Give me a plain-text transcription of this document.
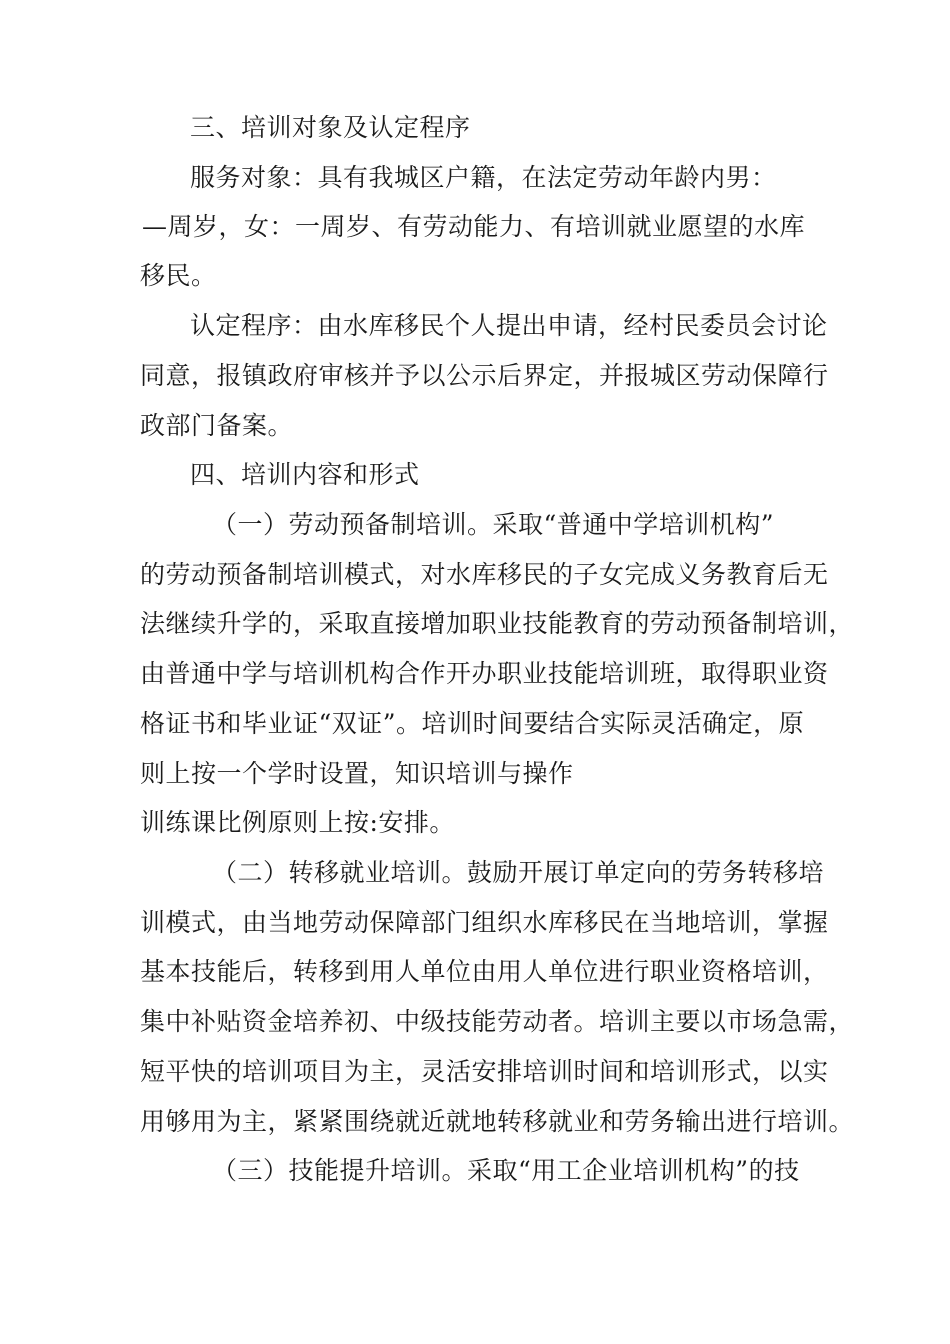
三、培训对象及认定程序
服务对象：具有我城区户籍，在法定劳动年龄内男：
—周岁，女：一周岁、有劳动能力、有培训就业愿望的水库
移民。
认定程序：由水库移民个人提出申请，经村民委员会讨论
同意，报镇政府审核并予以公示后界定，并报城区劳动保障行
政部门备案。
四、培训内容和形式
（一）劳动预备制培训。采取“普通中学培训机构”
的劳动预备制培训模式，对水库移民的子女完成义务教育后无
法继续升学的，采取直接增加职业技能教育的劳动预备制培训，
由普通中学与培训机构合作开办职业技能培训班，取得职业资
格证书和毕业证“双证”。培训时间要结合实际灵活确定，原
则上按一个学时设置，知识培训与操作
训练课比例原则上按:安排。
（二）转移就业培训。鼓励开展订单定向的劳务转移培
训模式，由当地劳动保障部门组织水库移民在当地培训，掌握
基本技能后，转移到用人单位由用人单位进行职业资格培训，
集中补贴资金培养初、中级技能劳动者。培训主要以市场急需，
短平快的培训项目为主，灵活安排培训时间和培训形式，以实
用够用为主，紧紧围绕就近就地转移就业和劳务输出进行培训。
（三）技能提升培训。采取“用工企业培训机构”的技
